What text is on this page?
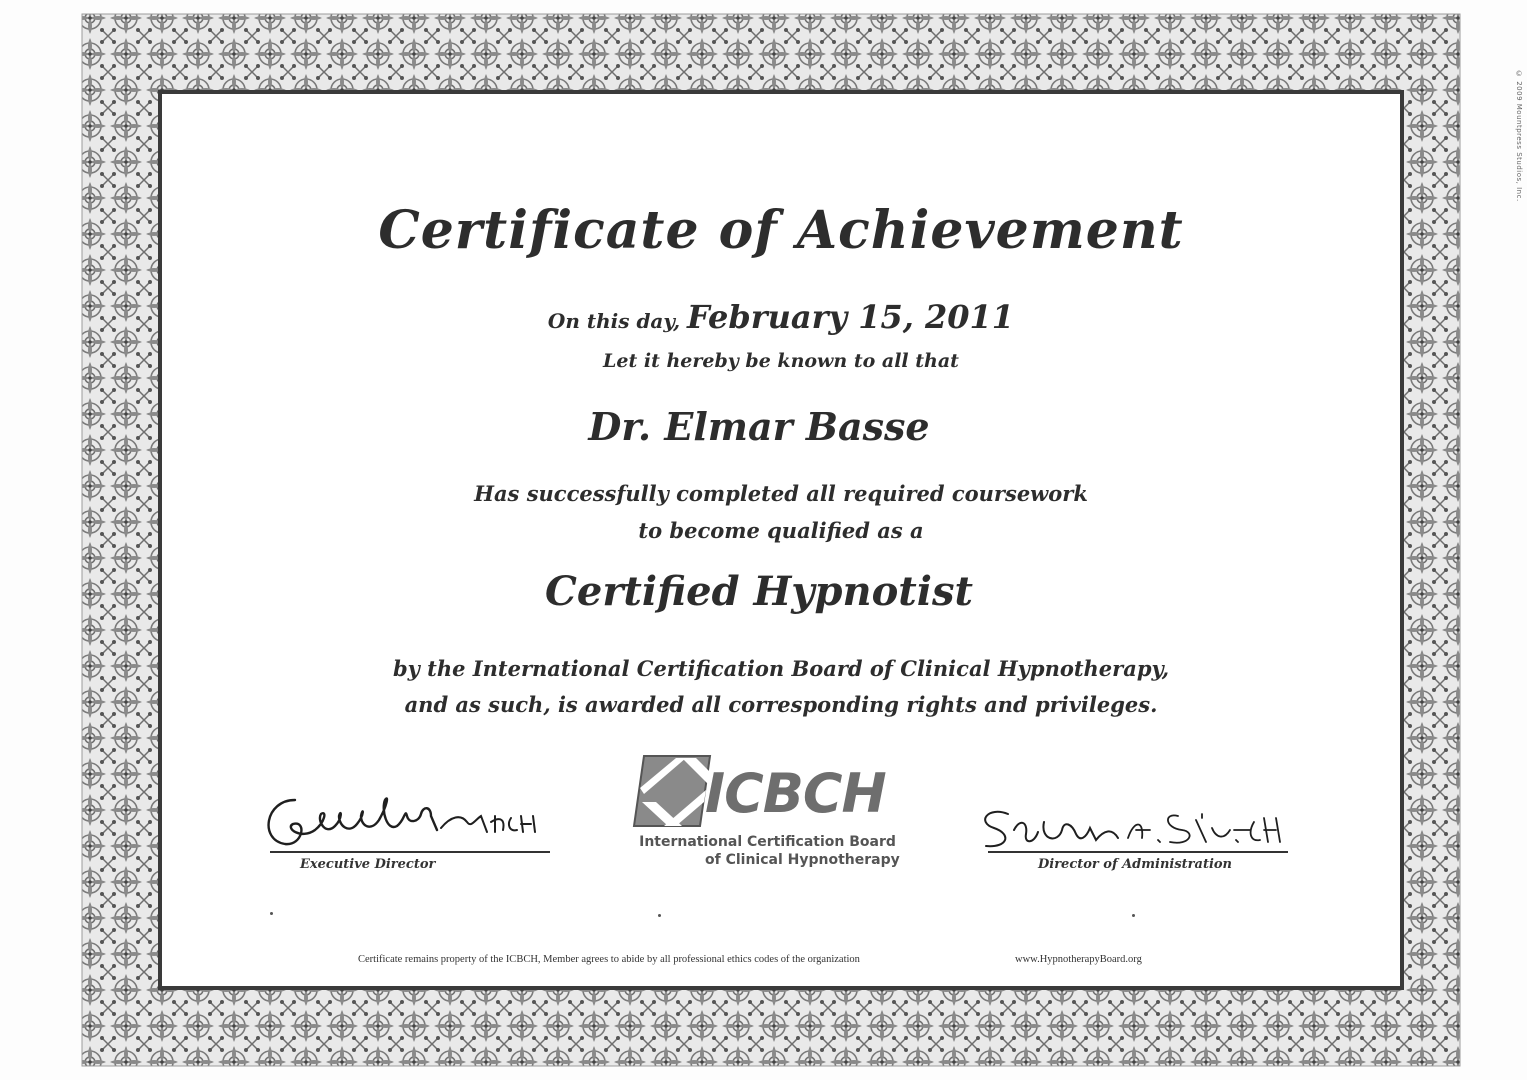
© 2009 Mountpress Studios, Inc.
Certificate of Achievement
On this day, February 15, 2011
Let it hereby be known to all that
Dr. Elmar Basse
Has successfully completed all required coursework
to become qualified as a
Certified Hypnotist
by the International Certification Board of Clinical Hypnotherapy,
and as such, is awarded all corresponding rights and privileges.
ICBCH
International Certification Board
of Clinical Hypnotherapy
Executive Director	Director of Administration
Certificate remains property of the ICBCH, Member agrees to abide by all professional ethics codes of the organization	www.HypnotherapyBoard.org
